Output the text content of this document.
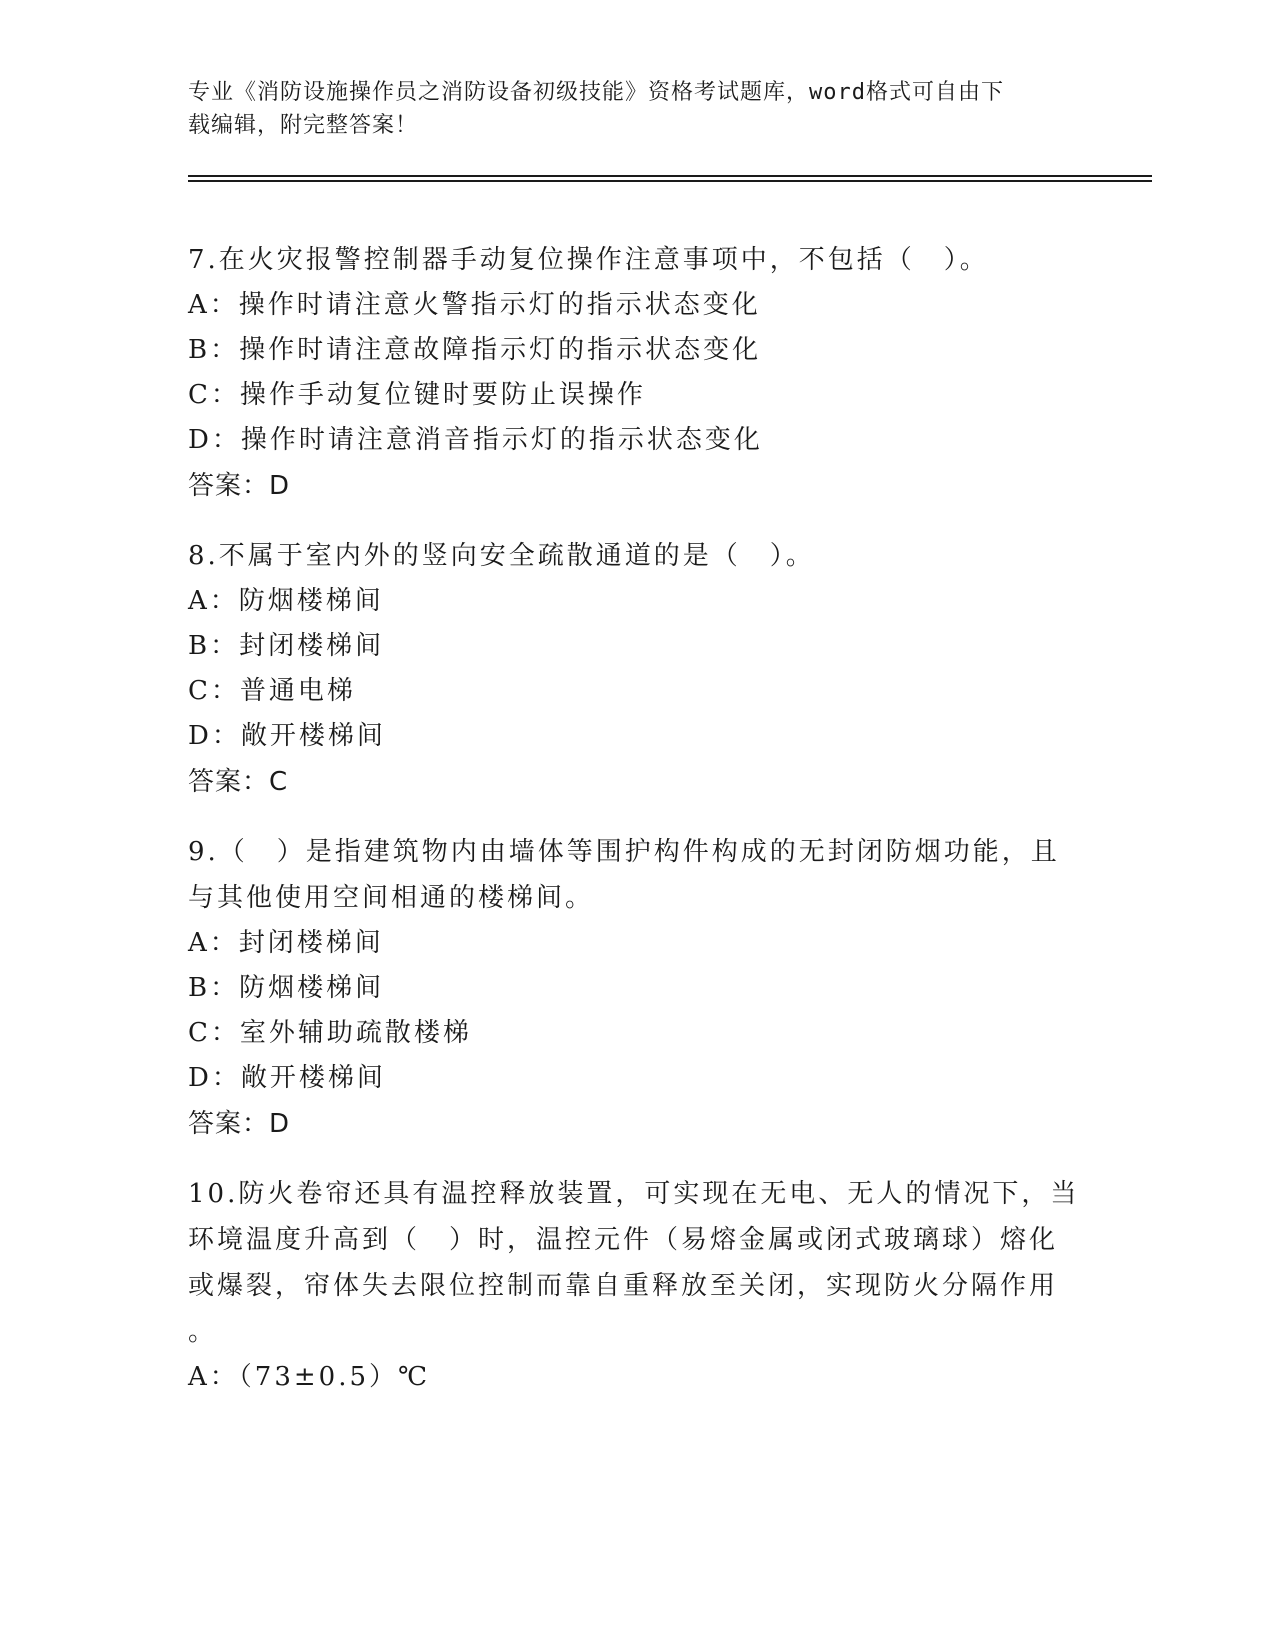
专业《消防设施操作员之消防设备初级技能》资格考试题库，word格式可自由下
载编辑，附完整答案！
7.在火灾报警控制器手动复位操作注意事项中，不包括（　）。
A：操作时请注意火警指示灯的指示状态变化
B：操作时请注意故障指示灯的指示状态变化
C：操作手动复位键时要防止误操作
D：操作时请注意消音指示灯的指示状态变化
答案：D
8.不属于室内外的竖向安全疏散通道的是（　）。
A：防烟楼梯间
B：封闭楼梯间
C：普通电梯
D：敞开楼梯间
答案：C
9.（　）是指建筑物内由墙体等围护构件构成的无封闭防烟功能，且
与其他使用空间相通的楼梯间。
A：封闭楼梯间
B：防烟楼梯间
C：室外辅助疏散楼梯
D：敞开楼梯间
答案：D
10.防火卷帘还具有温控释放装置，可实现在无电、无人的情况下，当
环境温度升高到（　）时，温控元件（易熔金属或闭式玻璃球）熔化
或爆裂，帘体失去限位控制而靠自重释放至关闭，实现防火分隔作用
。
A：（73±0.5）℃
